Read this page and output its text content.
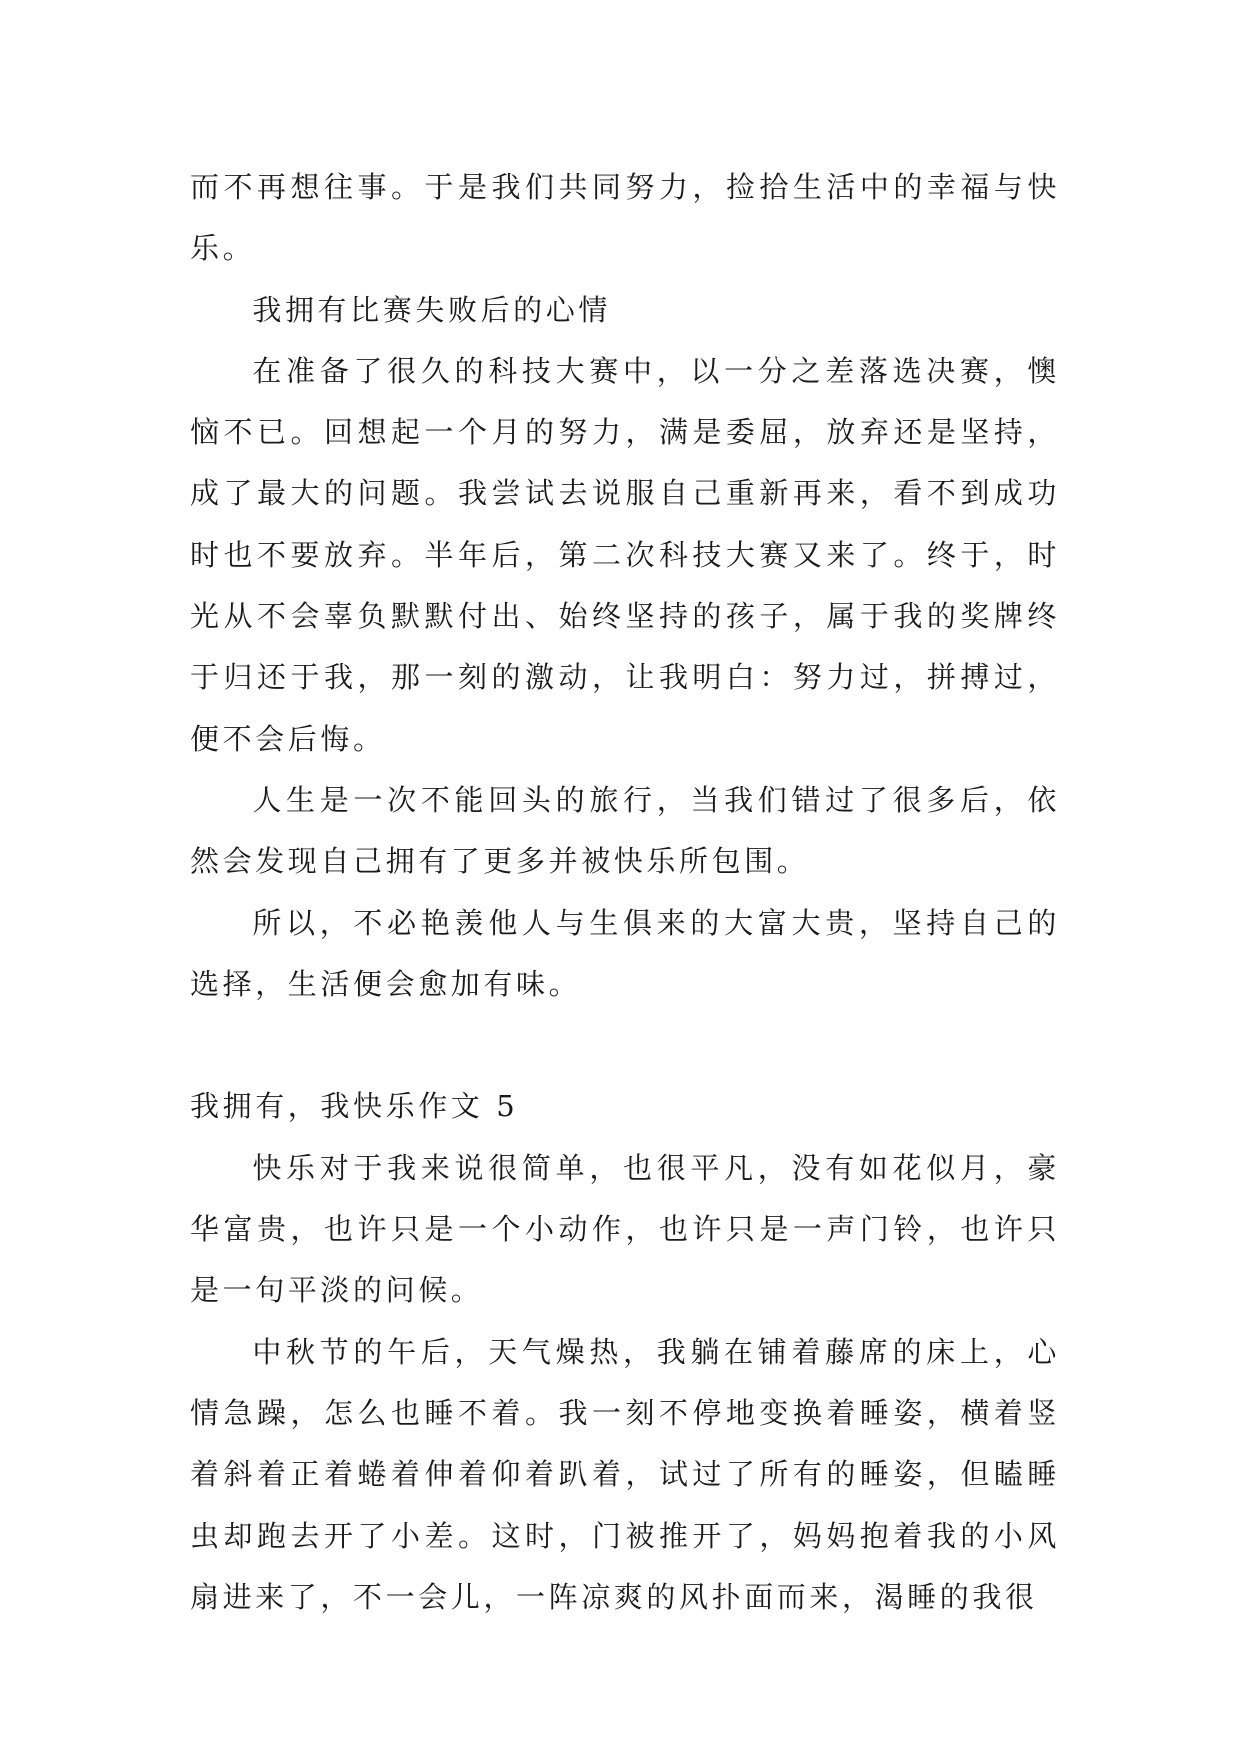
而不再想往事。于是我们共同努力，捡拾生活中的幸福与快乐。

我拥有比赛失败后的心情

在准备了很久的科技大赛中，以一分之差落选决赛，懊恼不已。回想起一个月的努力，满是委屈，放弃还是坚持，成了最大的问题。我尝试去说服自己重新再来，看不到成功时也不要放弃。半年后，第二次科技大赛又来了。终于，时光从不会辜负默默付出、始终坚持的孩子，属于我的奖牌终于归还于我，那一刻的激动，让我明白：努力过，拼搏过，便不会后悔。

人生是一次不能回头的旅行，当我们错过了很多后，依然会发现自己拥有了更多并被快乐所包围。

所以，不必艳羡他人与生俱来的大富大贵，坚持自己的选择，生活便会愈加有味。

我拥有，我快乐作文 5

快乐对于我来说很简单，也很平凡，没有如花似月，豪华富贵，也许只是一个小动作，也许只是一声门铃，也许只是一句平淡的问候。

中秋节的午后，天气燥热，我躺在铺着藤席的床上，心情急躁，怎么也睡不着。我一刻不停地变换着睡姿，横着竖着斜着正着蜷着伸着仰着趴着，试过了所有的睡姿，但瞌睡虫却跑去开了小差。这时，门被推开了，妈妈抱着我的小风扇进来了，不一会儿，一阵凉爽的风扑面而来，渴睡的我很
